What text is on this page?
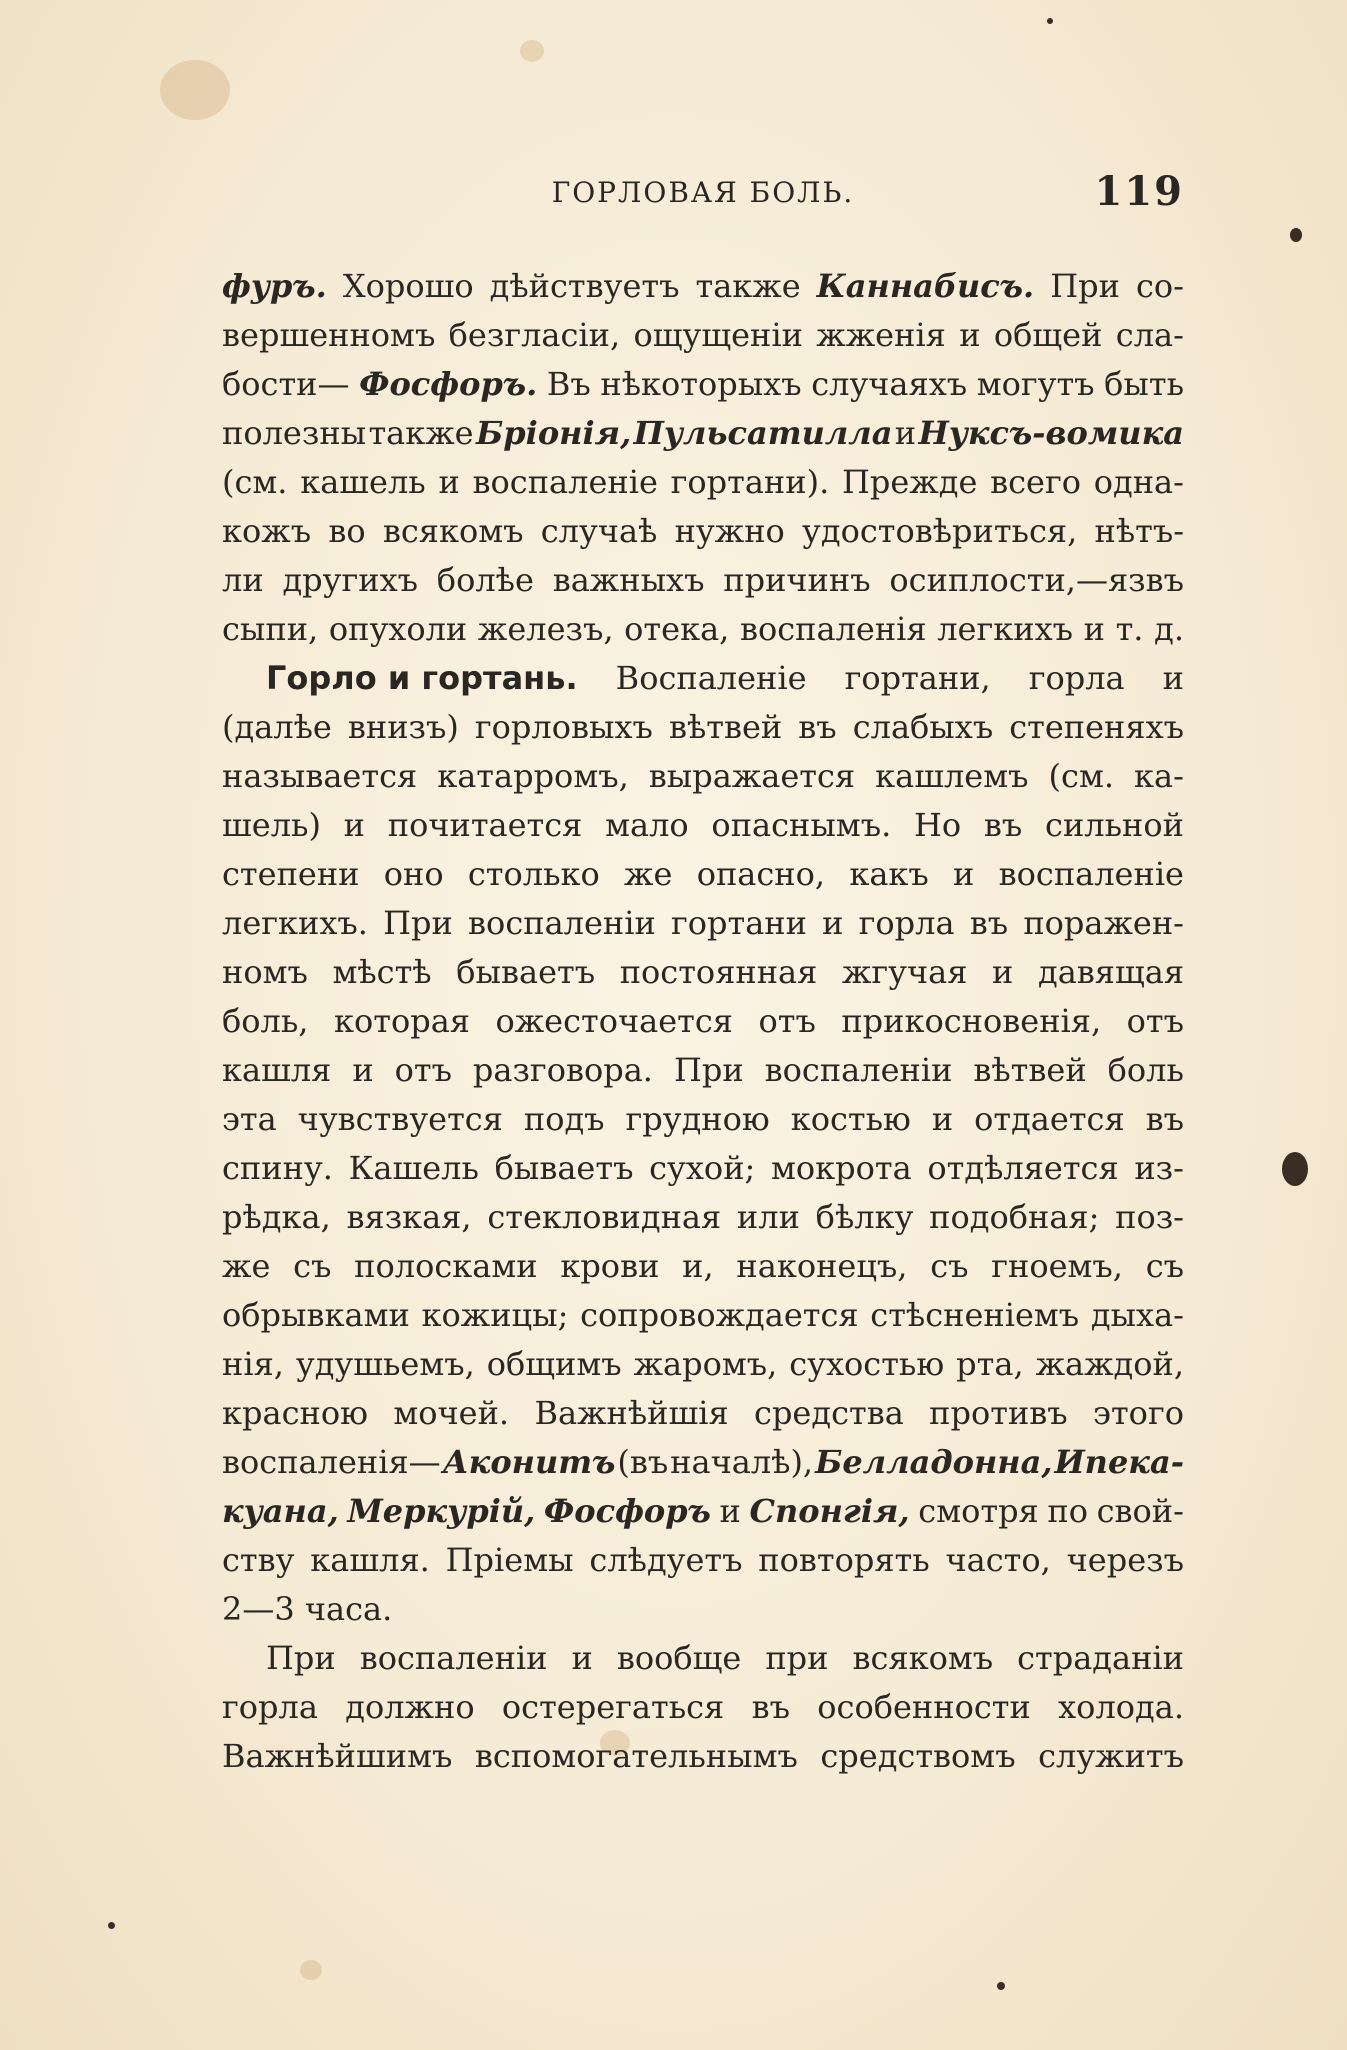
ГОРЛОВАЯ БОЛЬ.	119
фуръ. Хорошо дѣйствуетъ также Каннабисъ. При со-
вершенномъ безгласіи, ощущеніи жженія и общей сла-
бости— Фосфоръ. Въ нѣкоторыхъ случаяхъ могутъ быть
полезны также Бріонія, Пульсатилла и Нуксъ-вомика
(см. кашель и воспаленіе гортани). Прежде всего одна-
кожъ во всякомъ случаѣ нужно удостовѣриться, нѣтъ-
ли другихъ болѣе важныхъ причинъ осиплости,—язвъ
сыпи, опухоли железъ, отека, воспаленія легкихъ и т. д.
Горло и гортань. Воспаленіе гортани, горла и
(далѣе внизъ) горловыхъ вѣтвей въ слабыхъ степеняхъ
называется катарромъ, выражается кашлемъ (см. ка-
шель) и почитается мало опаснымъ. Но въ сильной
степени оно столько же опасно, какъ и воспаленіе
легкихъ. При воспаленіи гортани и горла въ поражен-
номъ мѣстѣ бываетъ постоянная жгучая и давящая
боль, которая ожесточается отъ прикосновенія, отъ
кашля и отъ разговора. При воспаленіи вѣтвей боль
эта чувствуется подъ грудною костью и отдается въ
спину. Кашель бываетъ сухой; мокрота отдѣляется из-
рѣдка, вязкая, стекловидная или бѣлку подобная; поз-
же съ полосками крови и, наконецъ, съ гноемъ, съ
обрывками кожицы; сопровождается стѣсненіемъ дыха-
нія, удушьемъ, общимъ жаромъ, сухостью рта, жаждой,
красною мочей. Важнѣйшія средства противъ этого
воспаленія— Аконитъ (въ началѣ), Белладонна, Ипека-
куана, Меркурій, Фосфоръ и Спонгія, смотря по свой-
ству кашля. Пріемы слѣдуетъ повторять часто, черезъ
2—3 часа.
При воспаленіи и вообще при всякомъ страданіи
горла должно остерегаться въ особенности холода.
Важнѣйшимъ вспомогательнымъ средствомъ служитъ
